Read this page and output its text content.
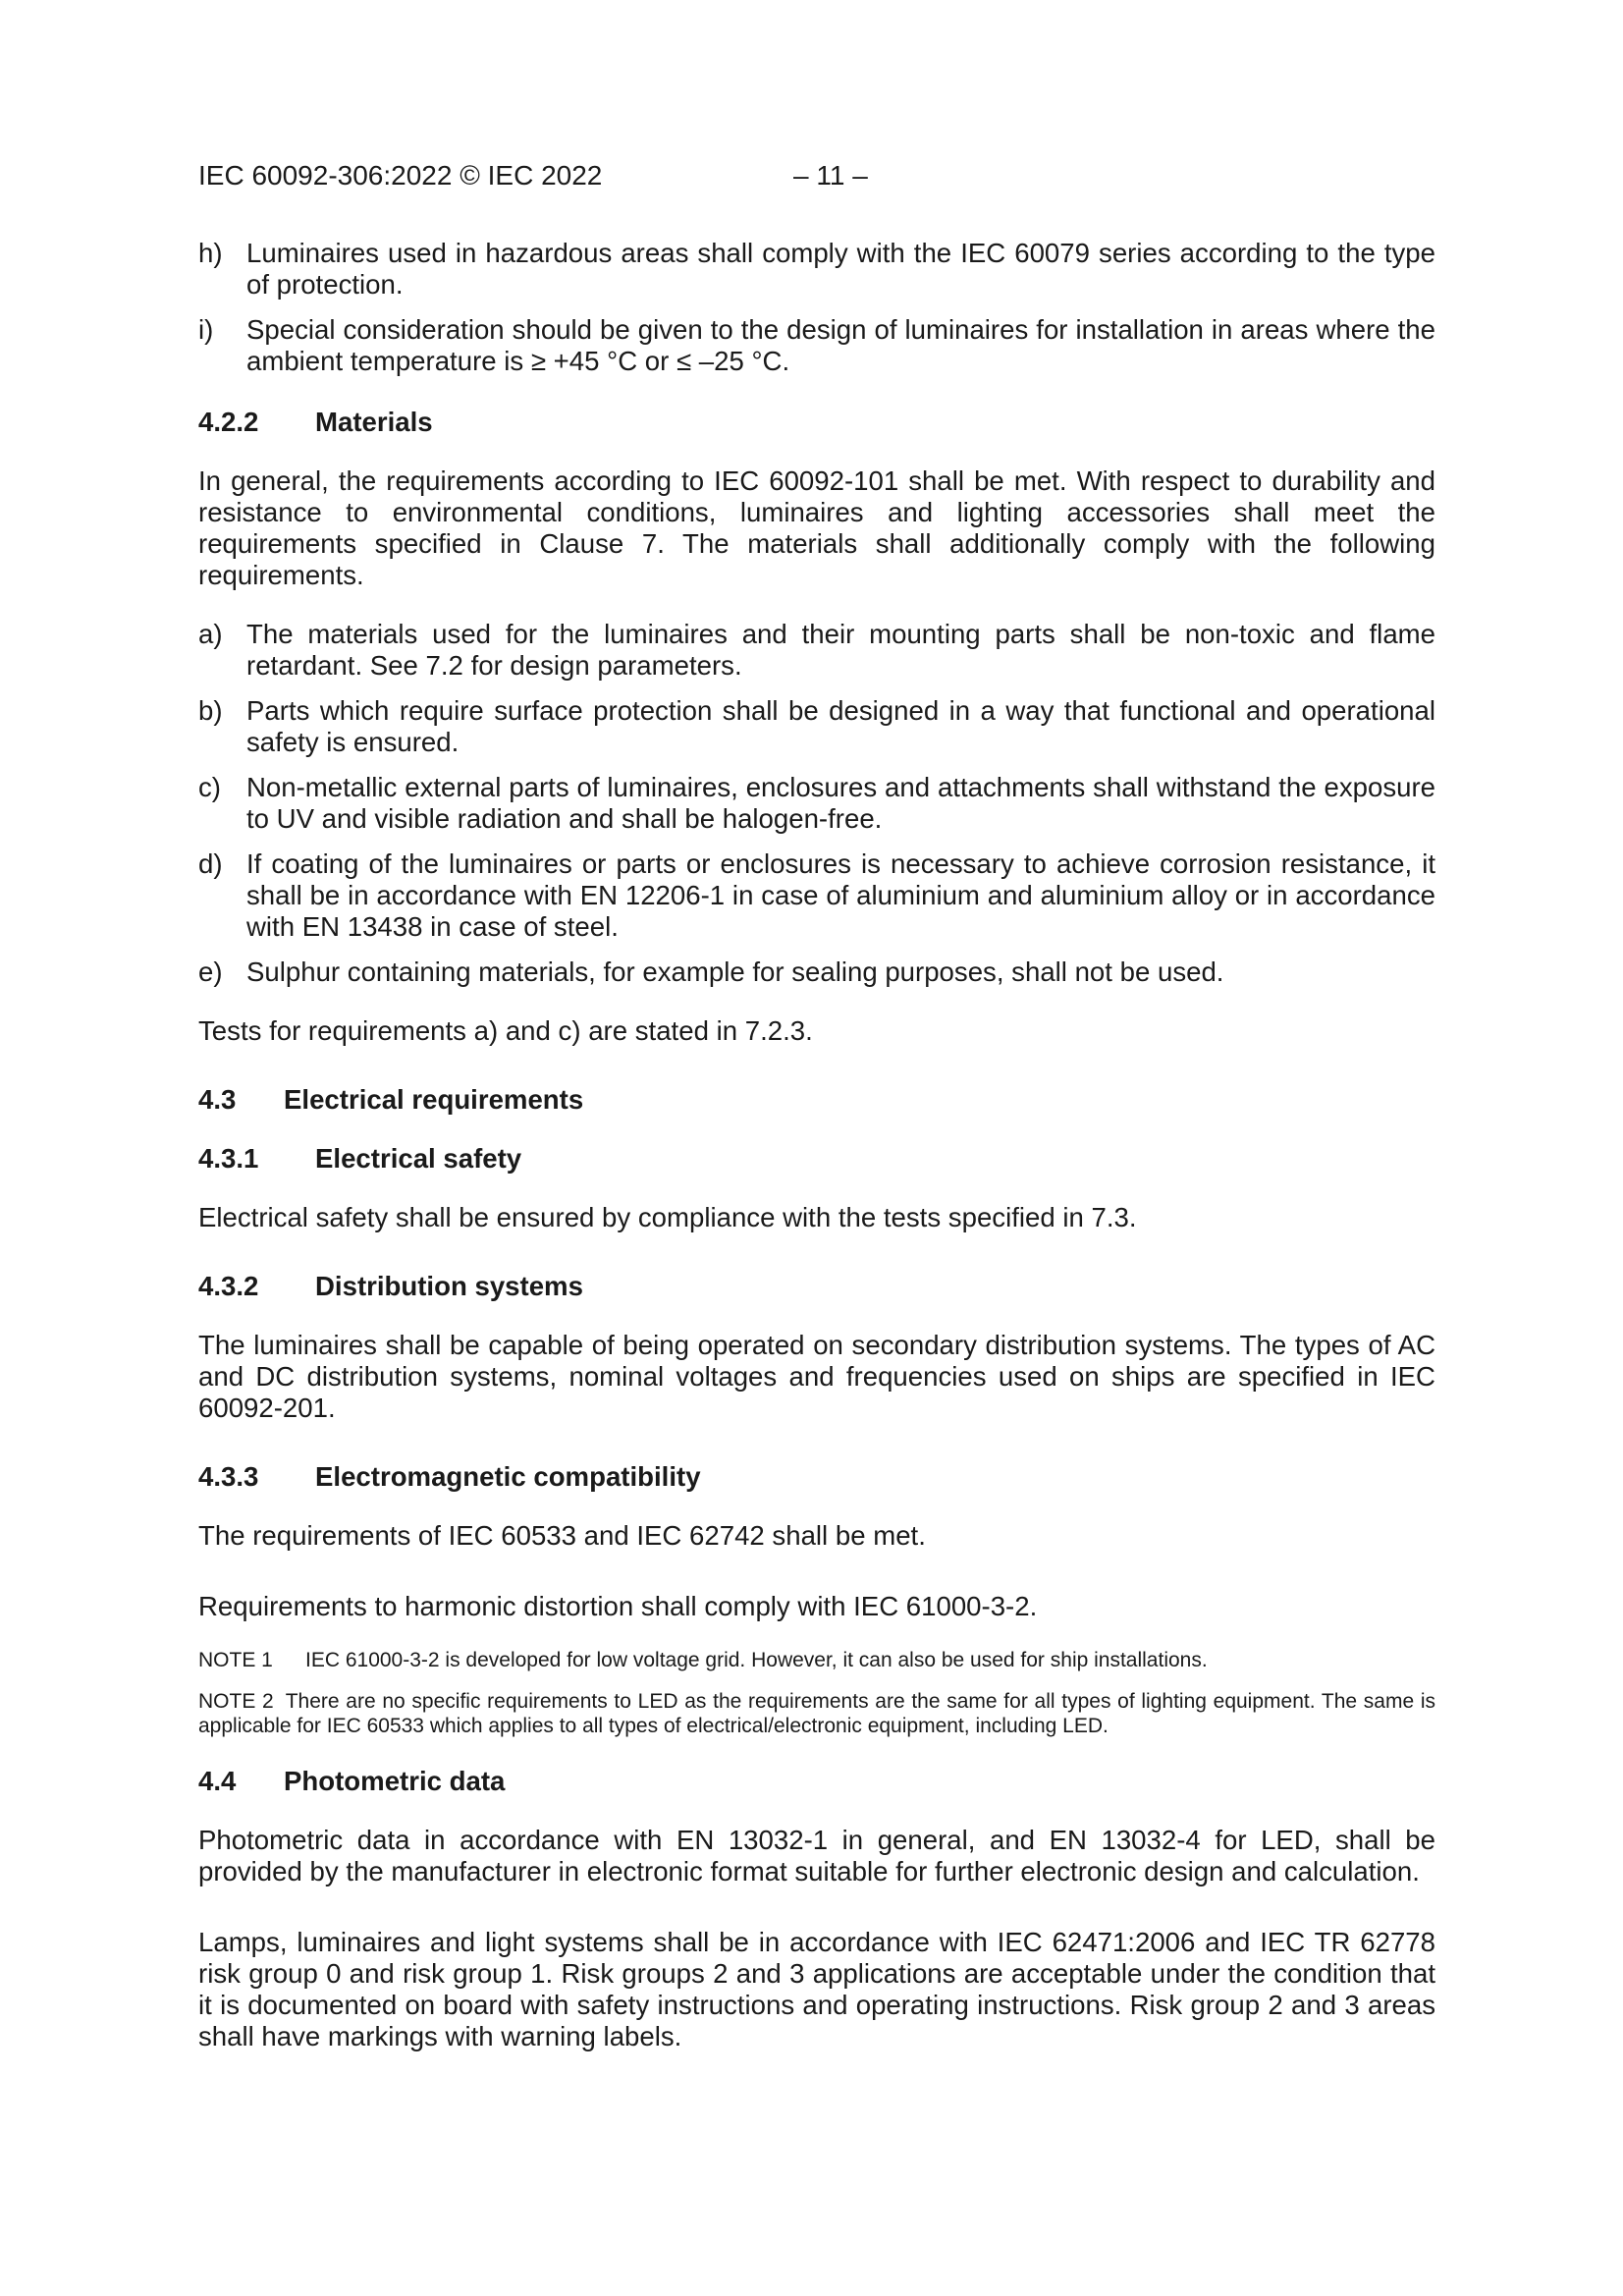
IEC 60092-306:2022 © IEC 2022	– 11 –
h) Luminaires used in hazardous areas shall comply with the IEC 60079 series according to the type of protection.
i) Special consideration should be given to the design of luminaires for installation in areas where the ambient temperature is ≥ +45 °C or ≤ –25 °C.

4.2.2 Materials

In general, the requirements according to IEC 60092-101 shall be met. With respect to durability and resistance to environmental conditions, luminaires and lighting accessories shall meet the requirements specified in Clause 7. The materials shall additionally comply with the following requirements.

a) The materials used for the luminaires and their mounting parts shall be non-toxic and flame retardant. See 7.2 for design parameters.
b) Parts which require surface protection shall be designed in a way that functional and operational safety is ensured.
c) Non-metallic external parts of luminaires, enclosures and attachments shall withstand the exposure to UV and visible radiation and shall be halogen-free.
d) If coating of the luminaires or parts or enclosures is necessary to achieve corrosion resistance, it shall be in accordance with EN 12206-1 in case of aluminium and aluminium alloy or in accordance with EN 13438 in case of steel.
e) Sulphur containing materials, for example for sealing purposes, shall not be used.

Tests for requirements a) and c) are stated in 7.2.3.

4.3 Electrical requirements

4.3.1 Electrical safety

Electrical safety shall be ensured by compliance with the tests specified in 7.3.

4.3.2 Distribution systems

The luminaires shall be capable of being operated on secondary distribution systems. The types of AC and DC distribution systems, nominal voltages and frequencies used on ships are specified in IEC 60092-201.

4.3.3 Electromagnetic compatibility

The requirements of IEC 60533 and IEC 62742 shall be met.

Requirements to harmonic distortion shall comply with IEC 61000-3-2.

NOTE 1 IEC 61000-3-2 is developed for low voltage grid. However, it can also be used for ship installations.

NOTE 2 There are no specific requirements to LED as the requirements are the same for all types of lighting equipment. The same is applicable for IEC 60533 which applies to all types of electrical/electronic equipment, including LED.

4.4 Photometric data

Photometric data in accordance with EN 13032-1 in general, and EN 13032-4 for LED, shall be provided by the manufacturer in electronic format suitable for further electronic design and calculation.

Lamps, luminaires and light systems shall be in accordance with IEC 62471:2006 and IEC TR 62778 risk group 0 and risk group 1. Risk groups 2 and 3 applications are acceptable under the condition that it is documented on board with safety instructions and operating instructions. Risk group 2 and 3 areas shall have markings with warning labels.
